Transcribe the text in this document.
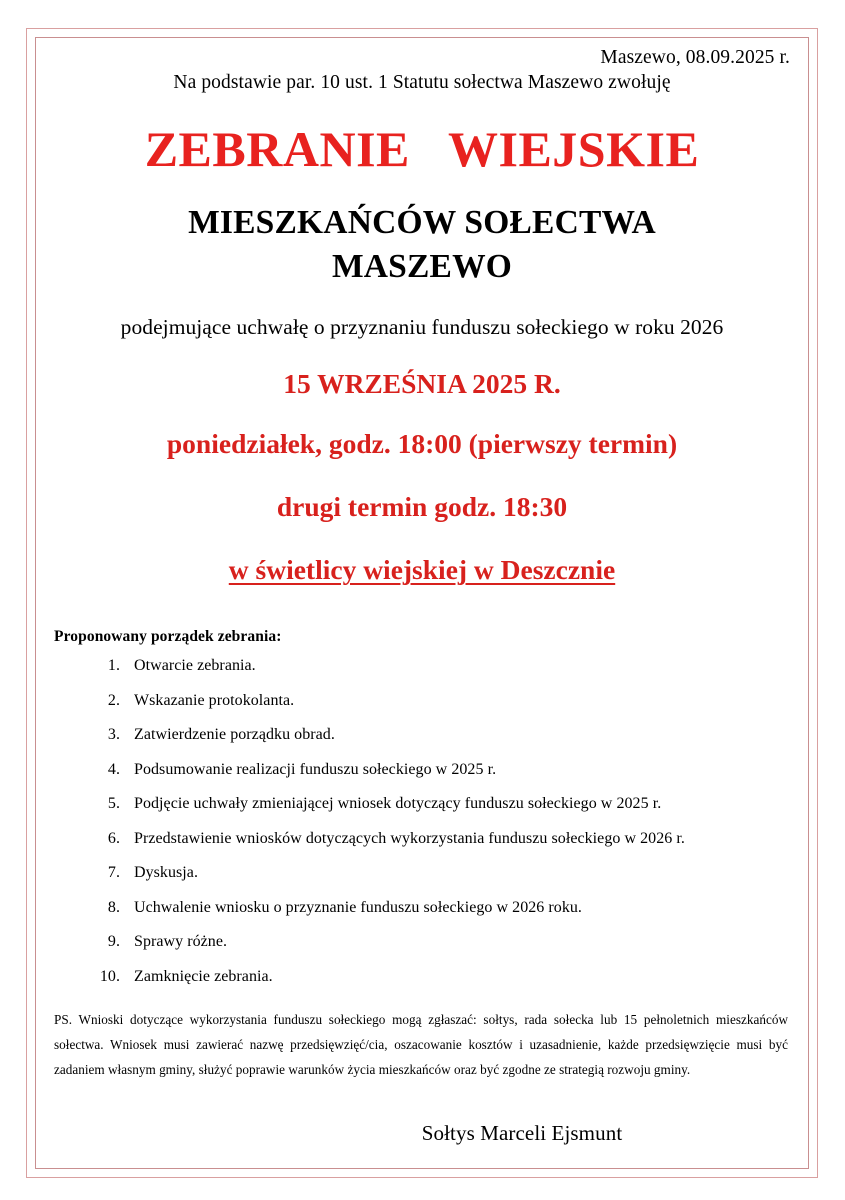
Maszewo, 08.09.2025 r.
Na podstawie par. 10 ust. 1 Statutu sołectwa Maszewo zwołuję
ZEBRANIE   WIEJSKIE
MIESZKAŃCÓW SOŁECTWA
MASZEWO
podejmujące uchwałę o przyznaniu funduszu sołeckiego w roku 2026
15 WRZEŚNIA 2025 R.
poniedziałek, godz. 18:00 (pierwszy termin)
drugi termin godz. 18:30
w świetlicy wiejskiej w Deszcznie
Proponowany porządek zebrania:
1. Otwarcie zebrania.
2. Wskazanie protokolanta.
3. Zatwierdzenie porządku obrad.
4. Podsumowanie realizacji funduszu sołeckiego w 2025 r.
5. Podjęcie uchwały zmieniającej wniosek dotyczący funduszu sołeckiego w 2025 r.
6. Przedstawienie wniosków dotyczących wykorzystania funduszu sołeckiego w 2026 r.
7. Dyskusja.
8. Uchwalenie wniosku o przyznanie funduszu sołeckiego w 2026 roku.
9. Sprawy różne.
10. Zamknięcie zebrania.
PS. Wnioski dotyczące wykorzystania funduszu sołeckiego mogą zgłaszać: sołtys, rada sołecka lub 15 pełnoletnich mieszkańców sołectwa. Wniosek musi zawierać nazwę przedsięwzięć/cia, oszacowanie kosztów i uzasadnienie, każde przedsięwzięcie musi być zadaniem własnym gminy, służyć poprawie warunków życia mieszkańców oraz być zgodne ze strategią rozwoju gminy.
Sołtys Marceli Ejsmunt
